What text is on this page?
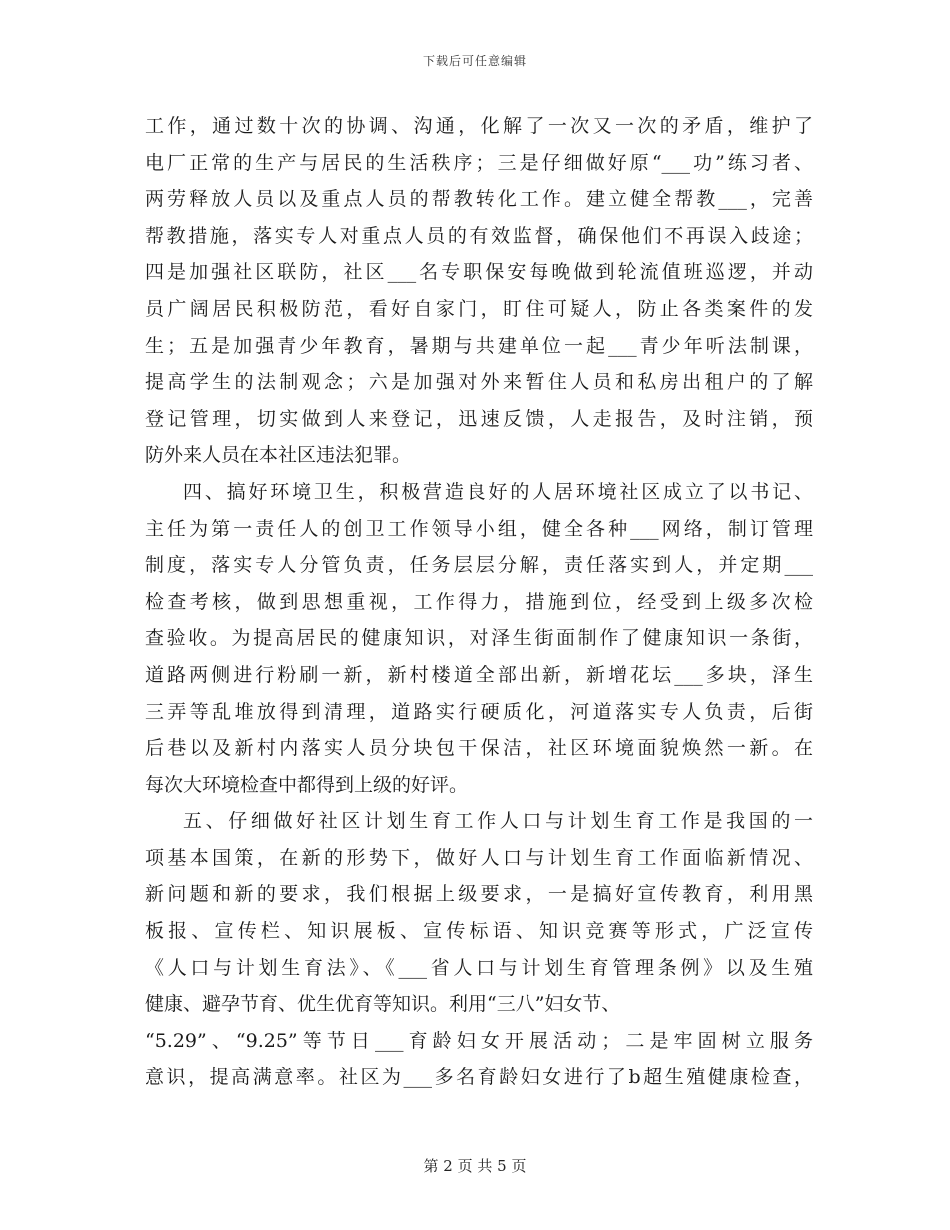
下载后可任意编辑
工作，通过数十次的协调、沟通，化解了一次又一次的矛盾，维护了
电厂正常的生产与居民的生活秩序；三是仔细做好原“___功”练习者、
两劳释放人员以及重点人员的帮教转化工作。建立健全帮教___，完善
帮教措施，落实专人对重点人员的有效监督，确保他们不再误入歧途；
四是加强社区联防，社区___名专职保安每晚做到轮流值班巡逻，并动
员广阔居民积极防范，看好自家门，盯住可疑人，防止各类案件的发
生；五是加强青少年教育，暑期与共建单位一起___青少年听法制课，
提高学生的法制观念；六是加强对外来暂住人员和私房出租户的了解
登记管理，切实做到人来登记，迅速反馈，人走报告，及时注销，预
防外来人员在本社区违法犯罪。
四、搞好环境卫生，积极营造良好的人居环境社区成立了以书记、
主任为第一责任人的创卫工作领导小组，健全各种___网络，制订管理
制度，落实专人分管负责，任务层层分解，责任落实到人，并定期___
检查考核，做到思想重视，工作得力，措施到位，经受到上级多次检
查验收。为提高居民的健康知识，对泽生街面制作了健康知识一条街，
道路两侧进行粉刷一新，新村楼道全部出新，新增花坛___多块，泽生
三弄等乱堆放得到清理，道路实行硬质化，河道落实专人负责，后街
后巷以及新村内落实人员分块包干保洁，社区环境面貌焕然一新。在
每次大环境检查中都得到上级的好评。
五、仔细做好社区计划生育工作人口与计划生育工作是我国的一
项基本国策，在新的形势下，做好人口与计划生育工作面临新情况、
新问题和新的要求，我们根据上级要求，一是搞好宣传教育，利用黑
板报、宣传栏、知识展板、宣传标语、知识竞赛等形式，广泛宣传
《人口与计划生育法》、《___省人口与计划生育管理条例》以及生殖
健康、避孕节育、优生优育等知识。利用“三八”妇女节、
“5.29”、“9.25”等节日___育龄妇女开展活动；二是牢固树立服务
意识，提高满意率。社区为___多名育龄妇女进行了b超生殖健康检查，
第 2 页 共 5 页
